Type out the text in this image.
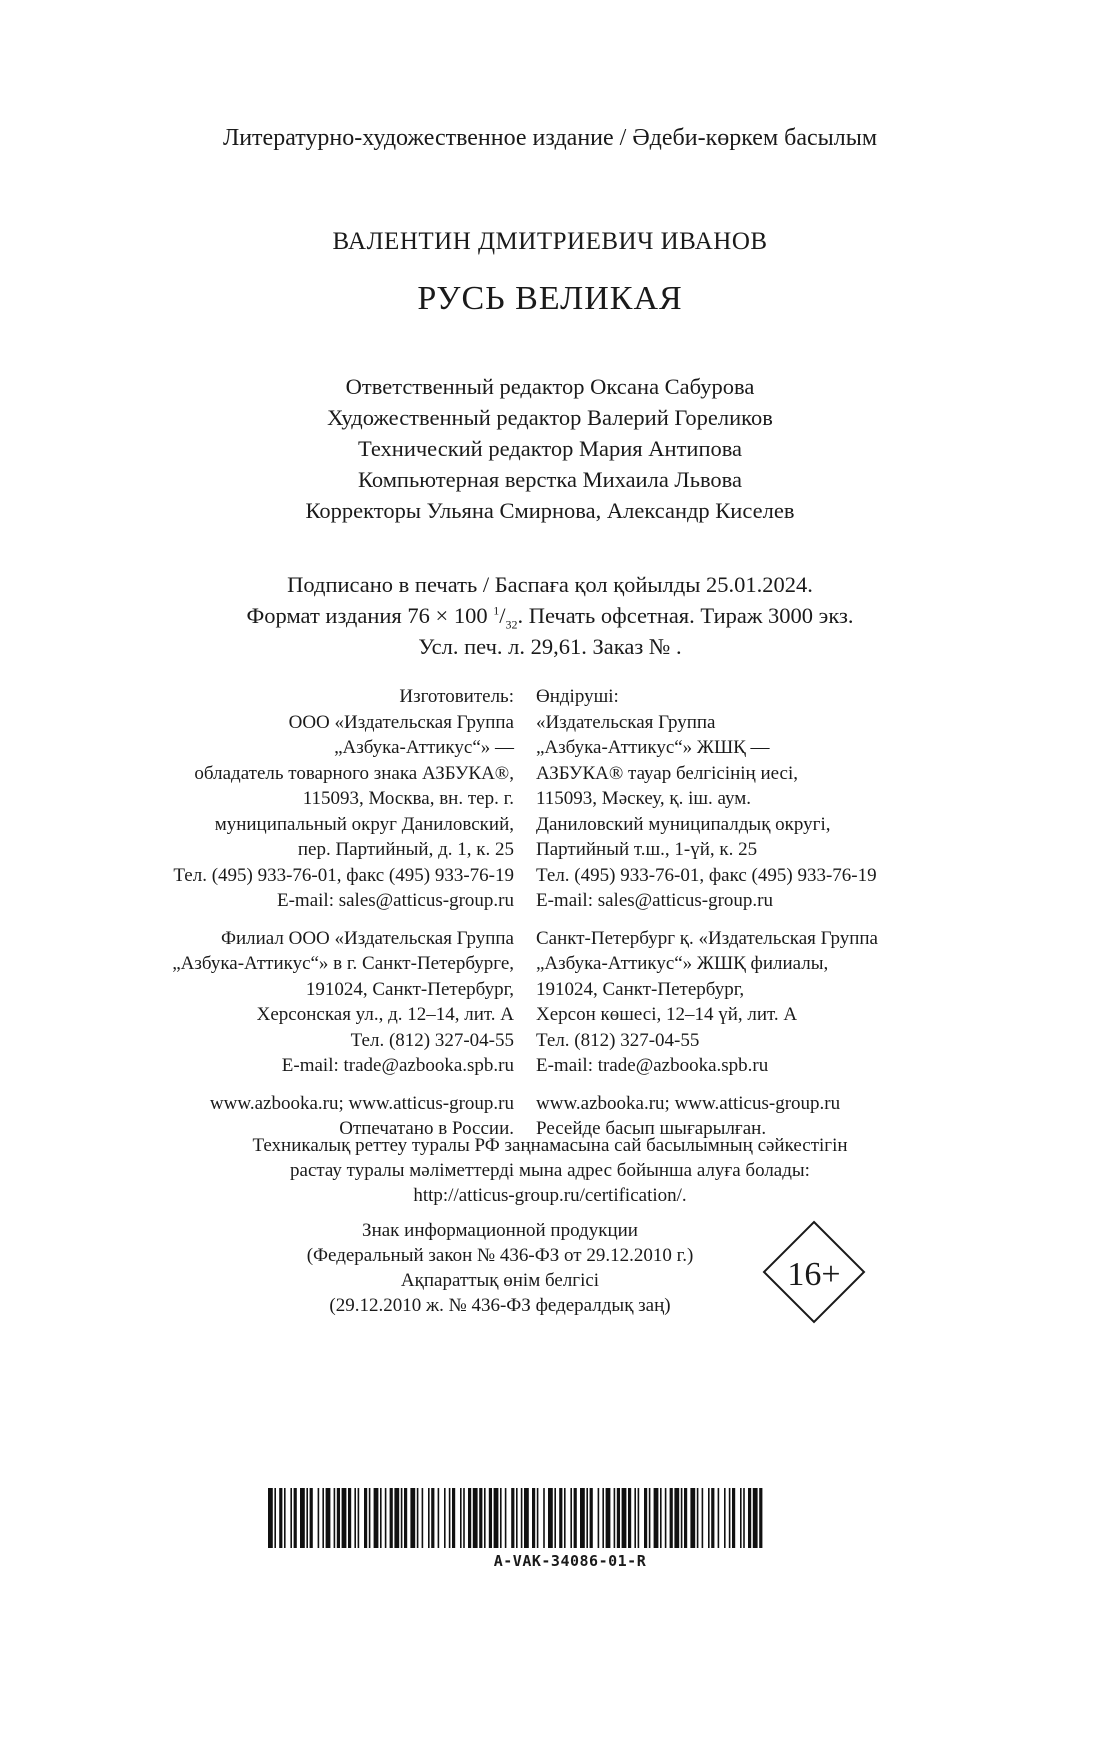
Литературно-художественное издание / Әдеби-көркем басылым
ВАЛЕНТИН ДМИТРИЕВИЧ ИВАНОВ
РУСЬ ВЕЛИКАЯ
Ответственный редактор Оксана Сабурова
Художественный редактор Валерий Гореликов
Технический редактор Мария Антипова
Компьютерная верстка Михаила Львова
Корректоры Ульяна Смирнова, Александр Киселев
Подписано в печать / Баспаға қол қойылды 25.01.2024.
Формат издания 76 × 100 $^1/_{32}$. Печать офсетная. Тираж 3000 экз.
Усл. печ. л. 29,61. Заказ № .
Изготовитель:
ООО «Издательская Группа
„Азбука-Аттикус“» —
обладатель товарного знака АЗБУКА®,
115093, Москва, вн. тер. г.
муниципальный округ Даниловский,
пер. Партийный, д. 1, к. 25
Тел. (495) 933-76-01, факс (495) 933-76-19
E-mail: sales@atticus-group.ru
Филиал ООО «Издательская Группа
„Азбука-Аттикус“» в г. Санкт-Петербурге,
191024, Санкт-Петербург,
Херсонская ул., д. 12–14, лит. А
Тел. (812) 327-04-55
E-mail: trade@azbooka.spb.ru
www.azbooka.ru; www.atticus-group.ru
Отпечатано в России.
Өндіруші:
«Издательская Группа
„Азбука-Аттикус“» ЖШҚ —
АЗБУКА® тауар белгісінің иесі,
115093, Мәскеу, қ. іш. аум.
Даниловский муниципалдық округі,
Партийный т.ш., 1-үй, к. 25
Тел. (495) 933-76-01, факс (495) 933-76-19
E-mail: sales@atticus-group.ru
Санкт-Петербург қ. «Издательская Группа
„Азбука-Аттикус“» ЖШҚ филиалы,
191024, Санкт-Петербург,
Херсон көшесі, 12–14 үй, лит. А
Тел. (812) 327-04-55
E-mail: trade@azbooka.spb.ru
www.azbooka.ru; www.atticus-group.ru
Ресейде басып шығарылған.
Техникалық реттеу туралы РФ заңнамасына сай басылымның сәйкестігін
растау туралы мәліметтерді мына адрес бойынша алуға болады:
http://atticus-group.ru/certification/.
Знак информационной продукции
(Федеральный закон № 436-ФЗ от 29.12.2010 г.)
Ақпараттық өнім белгісі
(29.12.2010 ж. № 436-ФЗ федералдық заң)
16+
A-VAK-34086-01-R
